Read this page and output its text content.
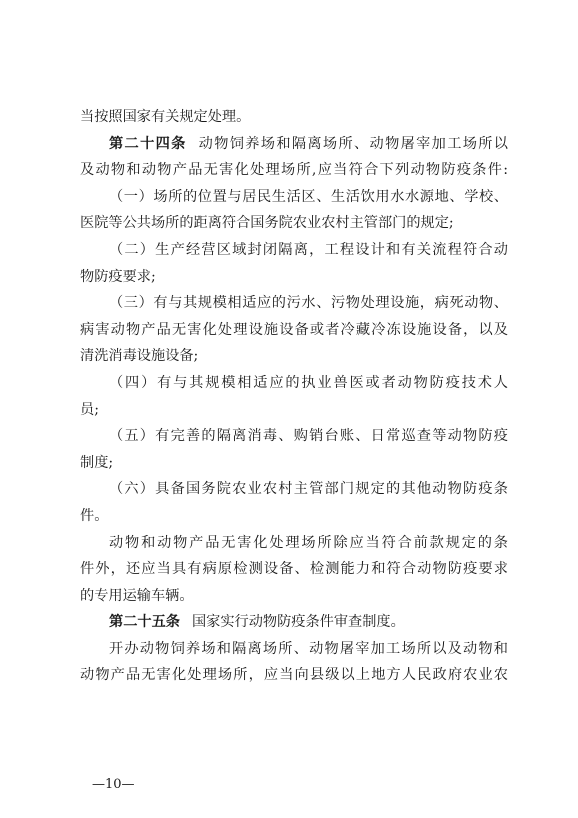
当按照国家有关规定处理。
第二十四条 动物饲养场和隔离场所、动物屠宰加工场所以
及动物和动物产品无害化处理场所,应当符合下列动物防疫条件:
（一）场所的位置与居民生活区、生活饮用水水源地、学校、
医院等公共场所的距离符合国务院农业农村主管部门的规定;
（二）生产经营区域封闭隔离，工程设计和有关流程符合动
物防疫要求;
（三）有与其规模相适应的污水、污物处理设施，病死动物、
病害动物产品无害化处理设施设备或者冷藏冷冻设施设备，以及
清洗消毒设施设备;
（四）有与其规模相适应的执业兽医或者动物防疫技术人
员;
（五）有完善的隔离消毒、购销台账、日常巡查等动物防疫
制度;
（六）具备国务院农业农村主管部门规定的其他动物防疫条
件。
动物和动物产品无害化处理场所除应当符合前款规定的条
件外，还应当具有病原检测设备、检测能力和符合动物防疫要求
的专用运输车辆。
第二十五条 国家实行动物防疫条件审查制度。
开办动物饲养场和隔离场所、动物屠宰加工场所以及动物和
动物产品无害化处理场所，应当向县级以上地方人民政府农业农
—10—
